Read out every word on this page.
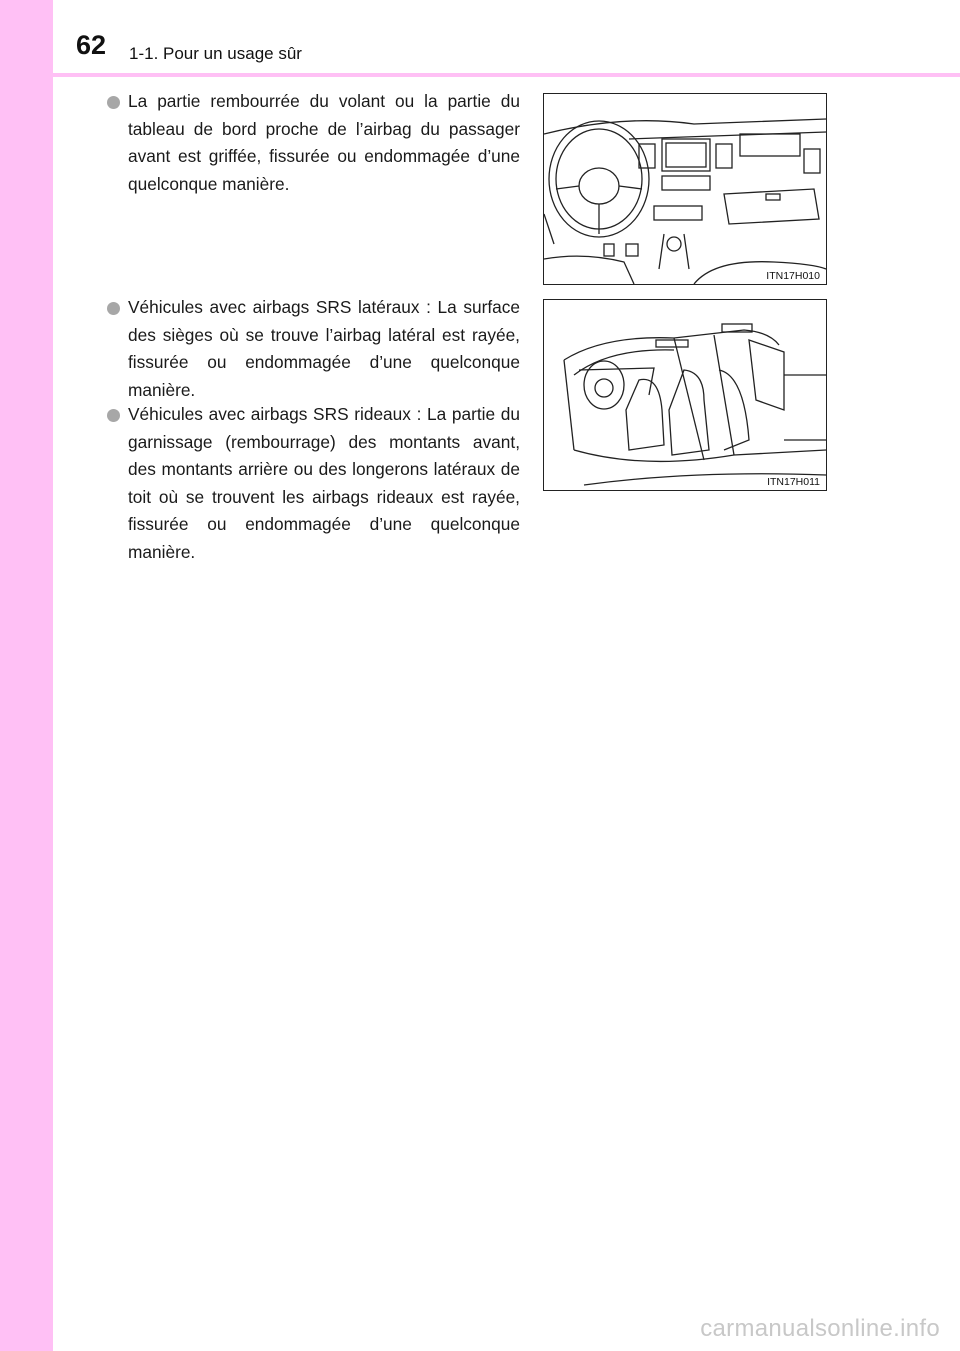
62 1-1. Pour un usage sûr
La partie rembourrée du volant ou la partie du tableau de bord proche de l’airbag du passager avant est griffée, fissurée ou endommagée d’une quelconque manière.
Véhicules avec airbags SRS latéraux : La surface des sièges où se trouve l’airbag latéral est rayée, fissurée ou endommagée d’une quelconque manière.
Véhicules avec airbags SRS rideaux : La partie du garnissage (rembourrage) des montants avant, des montants arrière ou des longerons latéraux de toit où se trouvent les airbags rideaux est rayée, fissurée ou endommagée d’une quelconque manière.
ITN17H010
ITN17H011
carmanualsonline.info
